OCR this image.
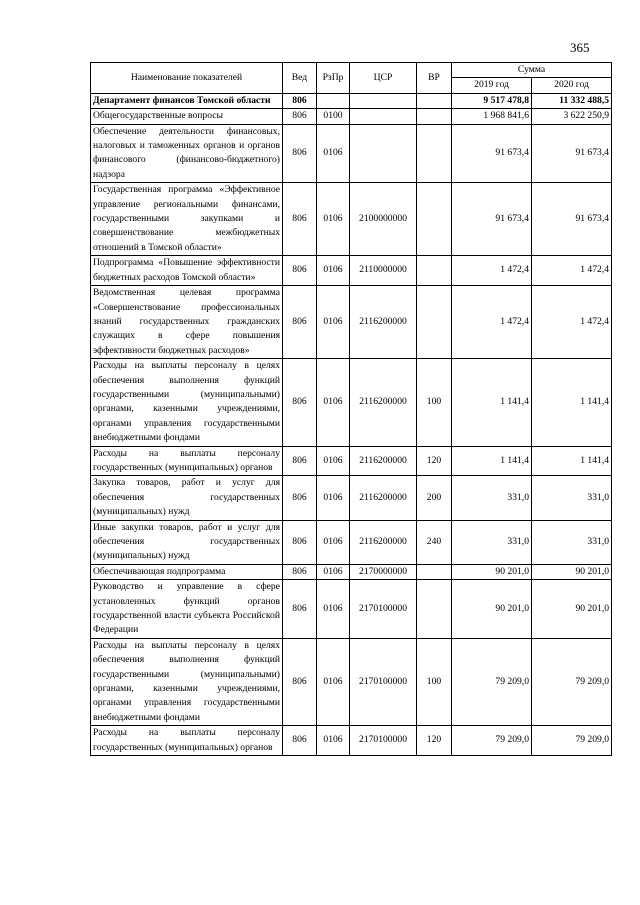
365
Наименование показателей	Вед	РзПр	ЦСР	ВР	Сумма	
					2019 год	2020 год
Департамент финансов Томской области	806				9 517 478,8	11 332 488,5
Общегосударственные вопросы	806	0100			1 968 841,6	3 622 250,9
Обеспечение деятельности финансовых, налоговых и таможенных органов и органов финансового (финансово-бюджетного) надзора	806	0106			91 673,4	91 673,4
Государственная программа «Эффективное управление региональными финансами, государственными закупками и совершенствование межбюджетных отношений в Томской области»	806	0106	2100000000		91 673,4	91 673,4
Подпрограмма «Повышение эффективности бюджетных расходов Томской области»	806	0106	2110000000		1 472,4	1 472,4
Ведомственная целевая программа «Совершенствование профессиональных знаний государственных гражданских служащих в сфере повышения эффективности бюджетных расходов»	806	0106	2116200000		1 472,4	1 472,4
Расходы на выплаты персоналу в целях обеспечения выполнения функций государственными (муниципальными) органами, казенными учреждениями, органами управления государственными внебюджетными фондами	806	0106	2116200000	100	1 141,4	1 141,4
Расходы на выплаты персоналу государственных (муниципальных) органов	806	0106	2116200000	120	1 141,4	1 141,4
Закупка товаров, работ и услуг для обеспечения государственных (муниципальных) нужд	806	0106	2116200000	200	331,0	331,0
Иные закупки товаров, работ и услуг для обеспечения государственных (муниципальных) нужд	806	0106	2116200000	240	331,0	331,0
Обеспечивающая подпрограмма	806	0106	2170000000		90 201,0	90 201,0
Руководство и управление в сфере установленных функций органов государственной власти субъекта Российской Федерации	806	0106	2170100000		90 201,0	90 201,0
Расходы на выплаты персоналу в целях обеспечения выполнения функций государственными (муниципальными) органами, казенными учреждениями, органами управления государственными внебюджетными фондами	806	0106	2170100000	100	79 209,0	79 209,0
Расходы на выплаты персоналу государственных (муниципальных) органов	806	0106	2170100000	120	79 209,0	79 209,0
